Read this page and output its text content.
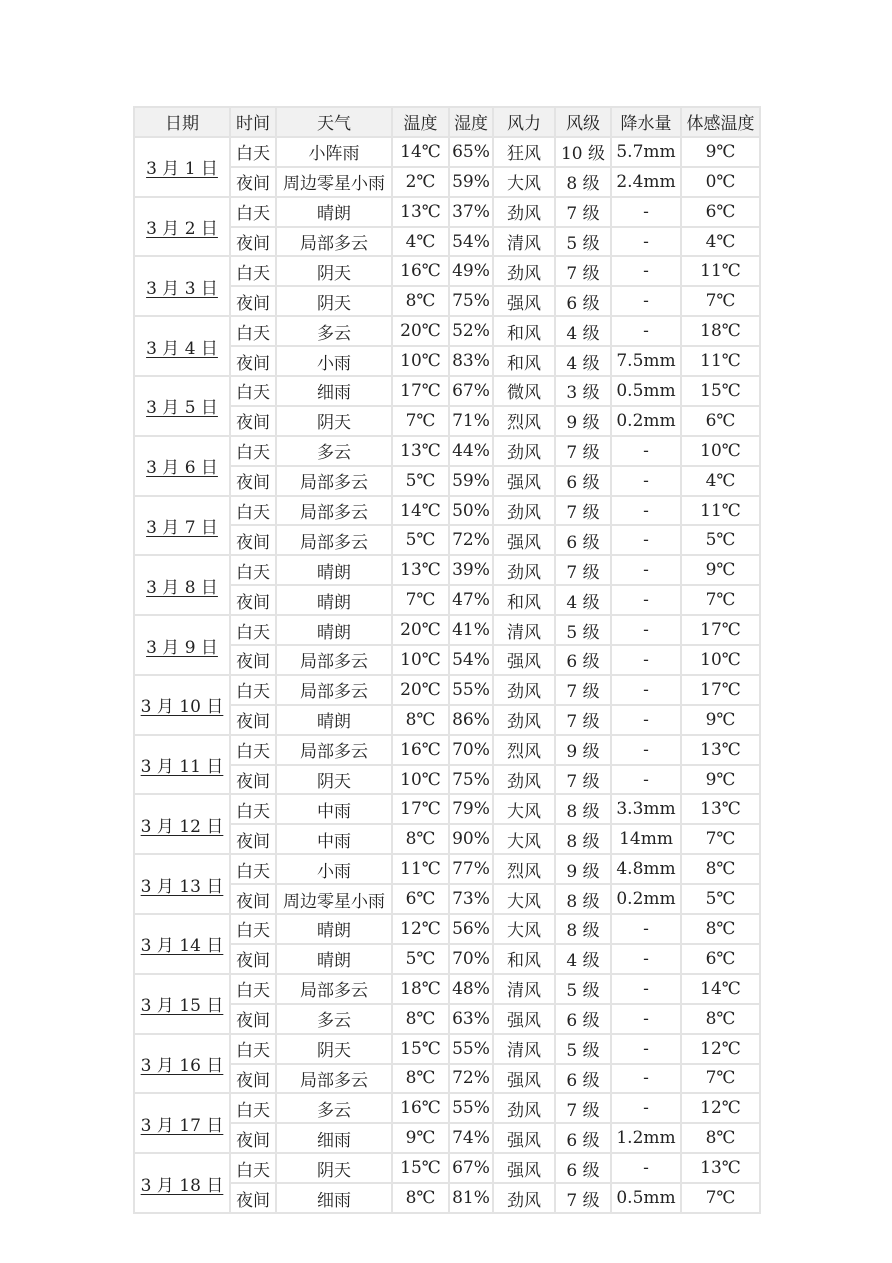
日期	时间	天气	温度	湿度	风力	风级	降水量	体感温度
3 月 1 日	白天	小阵雨	14℃	65%	狂风	10 级	5.7mm	9℃
	夜间	周边零星小雨	2℃	59%	大风	8 级	2.4mm	0℃
3 月 2 日	白天	晴朗	13℃	37%	劲风	7 级	-	6℃
	夜间	局部多云	4℃	54%	清风	5 级	-	4℃
3 月 3 日	白天	阴天	16℃	49%	劲风	7 级	-	11℃
	夜间	阴天	8℃	75%	强风	6 级	-	7℃
3 月 4 日	白天	多云	20℃	52%	和风	4 级	-	18℃
	夜间	小雨	10℃	83%	和风	4 级	7.5mm	11℃
3 月 5 日	白天	细雨	17℃	67%	微风	3 级	0.5mm	15℃
	夜间	阴天	7℃	71%	烈风	9 级	0.2mm	6℃
3 月 6 日	白天	多云	13℃	44%	劲风	7 级	-	10℃
	夜间	局部多云	5℃	59%	强风	6 级	-	4℃
3 月 7 日	白天	局部多云	14℃	50%	劲风	7 级	-	11℃
	夜间	局部多云	5℃	72%	强风	6 级	-	5℃
3 月 8 日	白天	晴朗	13℃	39%	劲风	7 级	-	9℃
	夜间	晴朗	7℃	47%	和风	4 级	-	7℃
3 月 9 日	白天	晴朗	20℃	41%	清风	5 级	-	17℃
	夜间	局部多云	10℃	54%	强风	6 级	-	10℃
3 月 10 日	白天	局部多云	20℃	55%	劲风	7 级	-	17℃
	夜间	晴朗	8℃	86%	劲风	7 级	-	9℃
3 月 11 日	白天	局部多云	16℃	70%	烈风	9 级	-	13℃
	夜间	阴天	10℃	75%	劲风	7 级	-	9℃
3 月 12 日	白天	中雨	17℃	79%	大风	8 级	3.3mm	13℃
	夜间	中雨	8℃	90%	大风	8 级	14mm	7℃
3 月 13 日	白天	小雨	11℃	77%	烈风	9 级	4.8mm	8℃
	夜间	周边零星小雨	6℃	73%	大风	8 级	0.2mm	5℃
3 月 14 日	白天	晴朗	12℃	56%	大风	8 级	-	8℃
	夜间	晴朗	5℃	70%	和风	4 级	-	6℃
3 月 15 日	白天	局部多云	18℃	48%	清风	5 级	-	14℃
	夜间	多云	8℃	63%	强风	6 级	-	8℃
3 月 16 日	白天	阴天	15℃	55%	清风	5 级	-	12℃
	夜间	局部多云	8℃	72%	强风	6 级	-	7℃
3 月 17 日	白天	多云	16℃	55%	劲风	7 级	-	12℃
	夜间	细雨	9℃	74%	强风	6 级	1.2mm	8℃
3 月 18 日	白天	阴天	15℃	67%	强风	6 级	-	13℃
	夜间	细雨	8℃	81%	劲风	7 级	0.5mm	7℃
